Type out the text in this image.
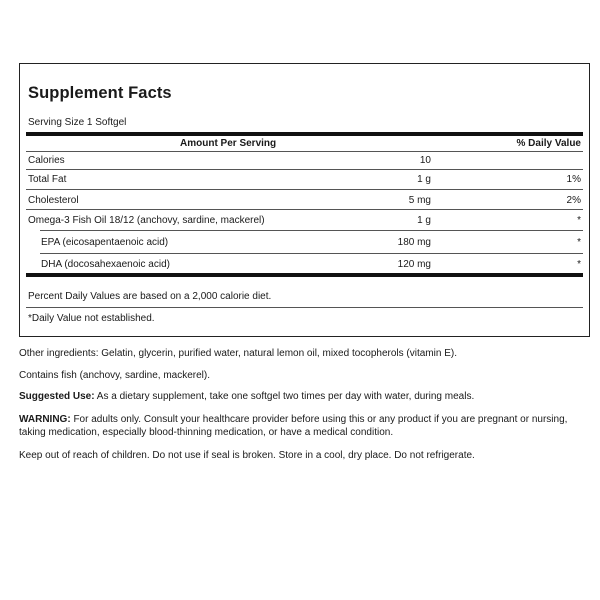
Supplement Facts
Serving Size 1 Softgel
Amount Per Serving	% Daily Value
Calories	10
Total Fat	1 g	1%
Cholesterol	5 mg	2%
Omega-3 Fish Oil 18/12 (anchovy, sardine, mackerel)	1 g	*
EPA (eicosapentaenoic acid)	180 mg	*
DHA (docosahexaenoic acid)	120 mg	*
Percent Daily Values are based on a 2,000 calorie diet.
*Daily Value not established.
Other ingredients: Gelatin, glycerin, purified water, natural lemon oil, mixed tocopherols (vitamin E).
Contains fish (anchovy, sardine, mackerel).
Suggested Use: As a dietary supplement, take one softgel two times per day with water, during meals.
WARNING: For adults only. Consult your healthcare provider before using this or any product if you are pregnant or nursing, taking medication, especially blood-thinning medication, or have a medical condition.
Keep out of reach of children. Do not use if seal is broken. Store in a cool, dry place. Do not refrigerate.
